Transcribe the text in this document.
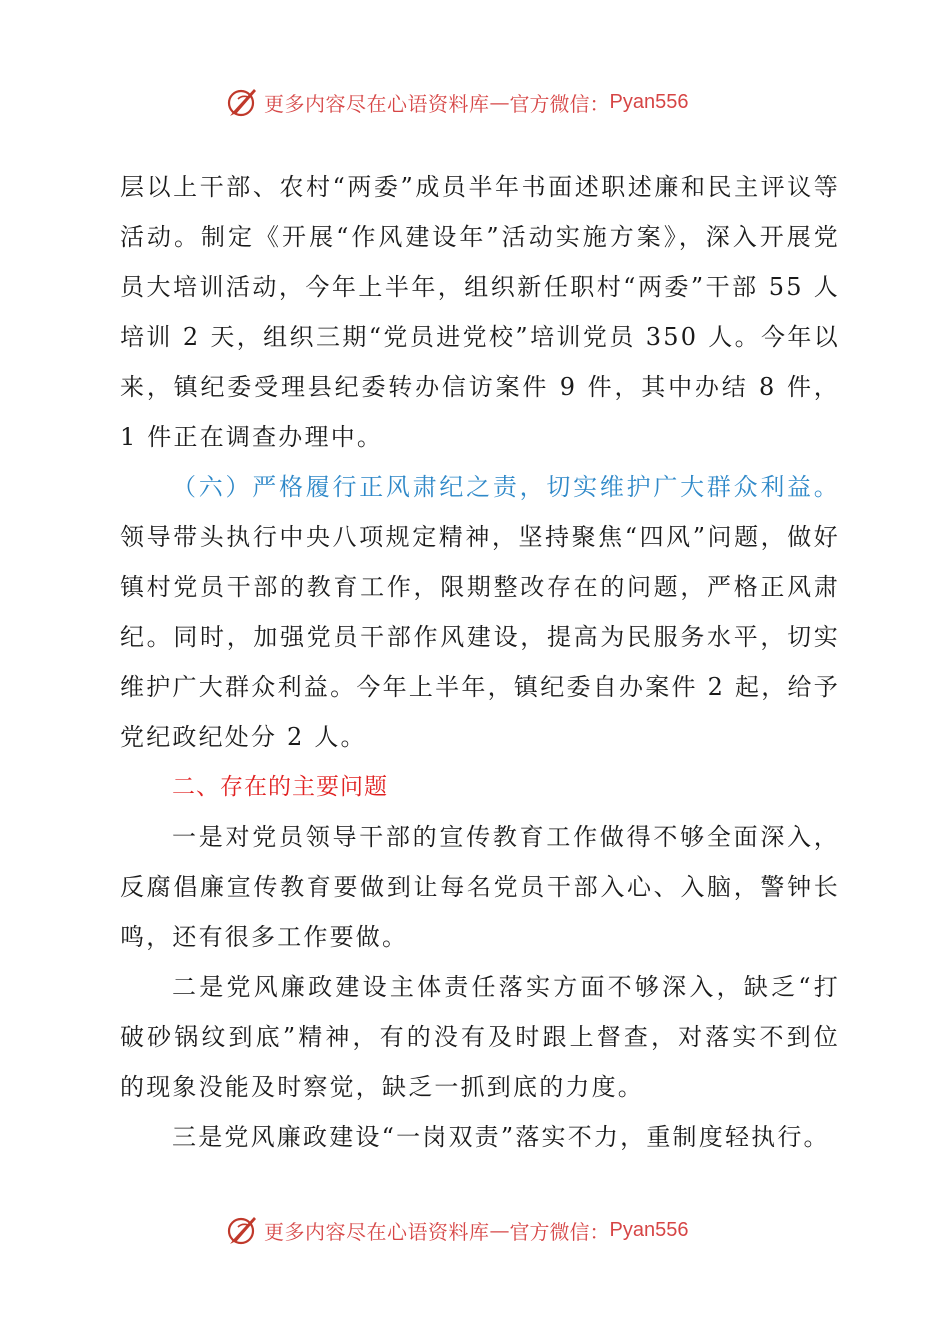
更多内容尽在心语资料库 — 官方微信： Pyan556

层以上干部、农村“两委”成员半年书面述职述廉和民主评议等活动。制定《开展“作风建设年”活动实施方案》，深入开展党员大培训活动，今年上半年，组织新任职村“两委”干部 55 人培训 2 天，组织三期“党员进党校”培训党员 350 人。今年以来，镇纪委受理县纪委转办信访案件 9 件，其中办结 8 件，1 件正在调查办理中。

（六）严格履行正风肃纪之责，切实维护广大群众利益。领导带头执行中央八项规定精神，坚持聚焦“四风”问题，做好镇村党员干部的教育工作，限期整改存在的问题，严格正风肃纪。同时，加强党员干部作风建设，提高为民服务水平，切实维护广大群众利益。今年上半年，镇纪委自办案件 2 起，给予党纪政纪处分 2 人。

二、存在的主要问题

一是对党员领导干部的宣传教育工作做得不够全面深入，反腐倡廉宣传教育要做到让每名党员干部入心、入脑，警钟长鸣，还有很多工作要做。

二是党风廉政建设主体责任落实方面不够深入，缺乏“打破砂锅纹到底”精神，有的没有及时跟上督查，对落实不到位的现象没能及时察觉，缺乏一抓到底的力度。

三是党风廉政建设“一岗双责”落实不力，重制度轻执行。

更多内容尽在心语资料库 — 官方微信： Pyan556
